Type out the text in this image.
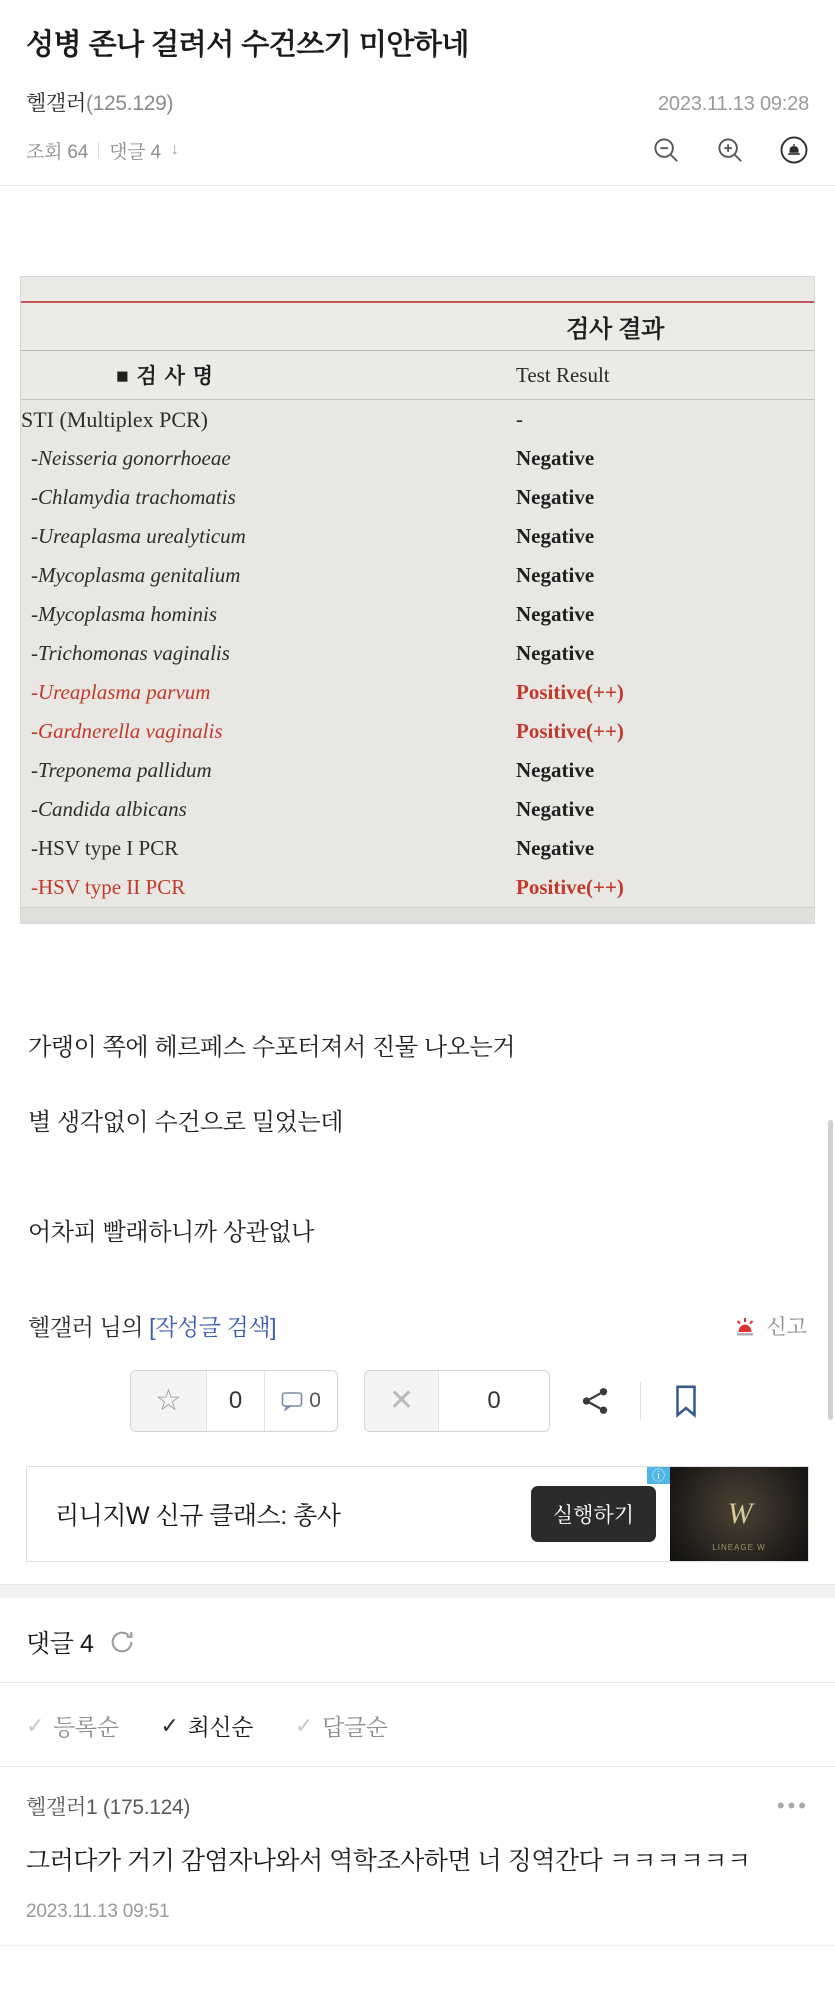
성병 존나 걸려서 수건쓰기 미안하네
헬갤러(125.129)	2023.11.13 09:28
조회 64 댓글 4 ↓
검사 결과
■ 검 사 명	Test Result
STI (Multiplex PCR)	-
-Neisseria gonorrhoeae	Negative
-Chlamydia trachomatis	Negative
-Ureaplasma urealyticum	Negative
-Mycoplasma genitalium	Negative
-Mycoplasma hominis	Negative
-Trichomonas vaginalis	Negative
-Ureaplasma parvum	Positive(++)
-Gardnerella vaginalis	Positive(++)
-Treponema pallidum	Negative
-Candida albicans	Negative
-HSV type I PCR	Negative
-HSV type II PCR	Positive(++)

가랭이 쪽에 헤르페스 수포터져서 진물 나오는거

별 생각없이 수건으로 밀었는데

어차피 빨래하니까 상관없나

헬갤러 님의 [작성글 검색]	신고
☆	0	0 ✕	0
리니지W 신규 클래스: 총사	실행하기
ⓘ
W
LINEAGE W
댓글 4
✓ 등록순 ✓ 최신순 ✓ 답글순
헬갤러1 (175.124)	•••
그러다가 거기 감염자나와서 역학조사하면 너 징역간다 ㅋㅋㅋㅋㅋㅋ
2023.11.13 09:51
